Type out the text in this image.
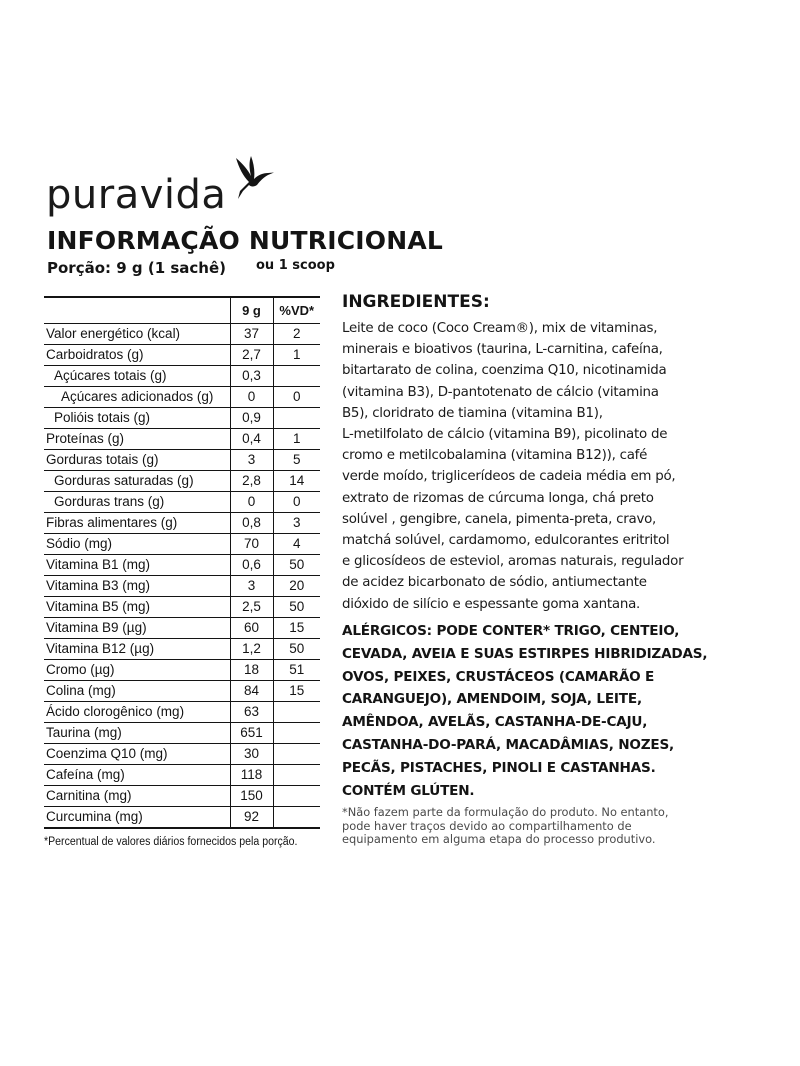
puravida
INFORMAÇÃO NUTRICIONAL
Porção: 9 g (1 sachê) ou 1 scoop
	9 g	%VD*
Valor energético (kcal)	37	2
Carboidratos (g)	2,7	1
Açúcares totais (g)	0,3	
Açúcares adicionados (g)	0	0
Polióis totais (g)	0,9	
Proteínas (g)	0,4	1
Gorduras totais (g)	3	5
Gorduras saturadas (g)	2,8	14
Gorduras trans (g)	0	0
Fibras alimentares (g)	0,8	3
Sódio (mg)	70	4
Vitamina B1 (mg)	0,6	50
Vitamina B3 (mg)	3	20
Vitamina B5 (mg)	2,5	50
Vitamina B9 (µg)	60	15
Vitamina B12 (µg)	1,2	50
Cromo (µg)	18	51
Colina (mg)	84	15
Ácido clorogênico (mg)	63	
Taurina (mg)	651	
Coenzima Q10 (mg)	30	
Cafeína (mg)	118	
Carnitina (mg)	150	
Curcumina (mg)	92	
*Percentual de valores diários fornecidos pela porção.
INGREDIENTES:

Leite de coco (Coco Cream®), mix de vitaminas,
minerais e bioativos (taurina, L-carnitina, cafeína,
bitartarato de colina, coenzima Q10, nicotinamida
(vitamina B3), D-pantotenato de cálcio (vitamina
B5), cloridrato de tiamina (vitamina B1),
L-metilfolato de cálcio (vitamina B9), picolinato de
cromo e metilcobalamina (vitamina B12)), café
verde moído, triglicerídeos de cadeia média em pó,
extrato de rizomas de cúrcuma longa, chá preto
solúvel , gengibre, canela, pimenta-preta, cravo,
matchá solúvel, cardamomo, edulcorantes eritritol
e glicosídeos de esteviol, aromas naturais, regulador
de acidez bicarbonato de sódio, antiumectante
dióxido de silício e espessante goma xantana.

ALÉRGICOS: PODE CONTER* TRIGO, CENTEIO,
CEVADA, AVEIA E SUAS ESTIRPES HIBRIDIZADAS,
OVOS, PEIXES, CRUSTÁCEOS (CAMARÃO E
CARANGUEJO), AMENDOIM, SOJA, LEITE,
AMÊNDOA, AVELÃS, CASTANHA-DE-CAJU,
CASTANHA-DO-PARÁ, MACADÂMIAS, NOZES,
PECÃS, PISTACHES, PINOLI E CASTANHAS.
CONTÉM GLÚTEN.

*Não fazem parte da formulação do produto. No entanto,
pode haver traços devido ao compartilhamento de
equipamento em alguma etapa do processo produtivo.
